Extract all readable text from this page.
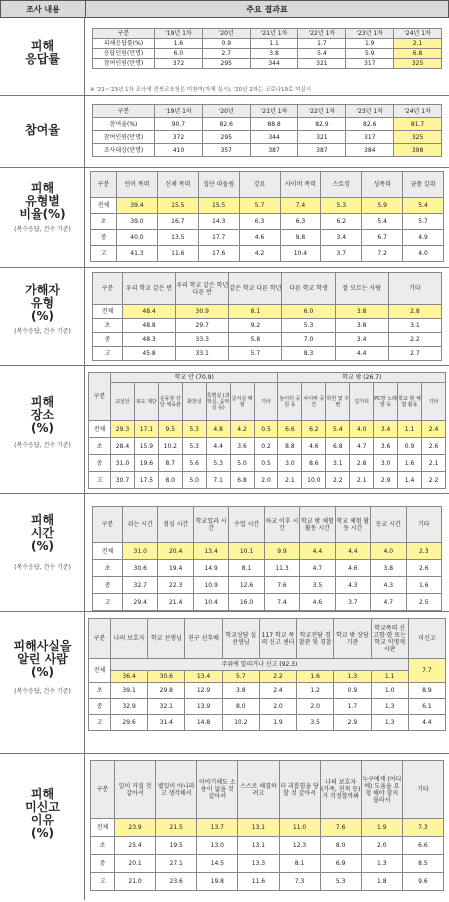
조사 내용	주요 결과표
피해
응답률
구분	'19년 1차	'20년	'21년 1차	'22년 1차	'23년 1차	'24년 1차
피해응답률(%)	1.6	0.9	1.1	1.7	1.9	2.1
응답인원(만명)	6.0	2.7	3.8	5.4	5.9	6.8
참여인원(만명)	372	295	344	321	317	325
※ '21~'23년 1차 조사에 전북교육청은 미참여(자체 실시), '20년 2차는 코로나19로 미실시
참여율
구분	'19년 1차	'20년	'21년 1차	'22년 1차	'23년 1차	'24년 1차
참여율(%)	90.7	82.6	88.8	82.9	82.6	81.7
참여인원(만명)	372	295	344	321	317	325
조사대상(만명)	410	357	387	387	384	398
피해
유형별
비율(%)
(복수응답, 건수 기준)
구분	언어 폭력	신체 폭력	집단 따돌림	강요	사이버 폭력	스토킹	성폭력	금품 갈취
전체	39.4	15.5	15.5	5.7	7.4	5.3	5.9	5.4
초	39.0	16.7	14.3	6.3	6.3	6.2	5.4	5.7
중	40.0	13.5	17.7	4.6	9.8	3.4	6.7	4.9
고	41.3	11.6	17.6	4.2	10.4	3.7	7.2	4.0
가해자
유형
(%)
(복수응답, 건수 기준)
구분	우리 학교 같은 반	우리 학교 같은 학년 다른 반	같은 학교 다른 학년	다른 학교 학생	잘 모르는 사람	기타
전체	48.4	30.9	8.1	6.0	3.8	2.8
초	48.8	29.7	9.2	5.3	3.8	3.1
중	48.3	33.3	5.8	7.0	3.4	2.2
고	45.8	33.1	5.7	8.3	4.4	2.7
피해
장소
(%)
(복수응답, 건수 기준)
구분	학교 안 (70.9)							학교 밖 (26.7)						
	교실안	복도 계단	운동장 강당 체육관	화장실	특별실 (과학실, 음악실 등)	급식실 매점	기타	놀이터 공원 등	사이버 공간	학원 및 주변	길거리	PC방 노래방 등	학교 밖 체험 활동	기타
전체	29.3	17.1	9.5	5.3	4.8	4.2	0.5	6.6	6.2	5.4	4.0	3.4	1.1	2.4
초	28.4	15.9	10.2	5.3	4.4	3.6	0.2	8.8	4.6	6.8	4.7	3.6	0.9	2.6
중	31.0	19.6	8.7	5.6	5.3	5.0	0.5	3.0	8.6	3.1	2.8	3.0	1.6	2.1
고	30.7	17.5	8.0	5.0	7.1	6.8	2.0	2.1	10.0	2.2	2.1	2.9	1.4	2.2
피해
시간
(%)
(복수응답, 건수 기준)
구분	쉬는 시간	점심 시간	학교일과 시간	수업 시간	하교 이후 시간	학교 밖 체험활동 시간	학교 체험 활동 시간	등교 시간	기타
전체	31.0	20.4	13.4	10.1	9.9	4.4	4.4	4.0	2.3
초	30.6	19.4	14.9	8.1	11.3	4.7	4.6	3.8	2.6
중	32.7	22.3	10.9	12.6	7.6	3.5	4.3	4.3	1.6
고	29.4	21.4	10.4	16.0	7.4	4.6	3.7	4.7	2.5
피해사실을
알린 사람
(%)
(복수응답, 건수 기준)
구분	나의 보호자	학교 선생님	친구 선후배	학교상담 실 선생님	117 학교 폭력 신고 센터	학교전담 경찰관 및 경찰	학교 밖 상담기관	학교폭력 신고함·함 또는 학교 익명게시판	미신고
전체	주위에 알리거나 신고 (92.3)								7.7
	36.4	30.6	13.4	5.7	2.2	1.6	1.3	1.1	
초	39.1	29.8	12.9	3.8	2.4	1.2	0.9	1.0	8.9
중	32.9	32.1	13.9	8.0	2.0	2.0	1.7	1.3	6.1
고	29.6	31.4	14.8	10.2	1.9	3.5	2.9	1.3	4.4
피해
미신고
이유
(%)
구분	일이 커질 것 같아서	별일이 아니라고 생각해서	이야기해도 소용이 없을 것 같아서	스스로 해결하려고	더 괴롭힘을 당할 것 같아서	나의 보호자 (가족, 친척 등)가 걱정할까봐	누구에게 (어디에) 도움을 요청 해야 할지 몰라서	기타
전체	23.9	21.5	13.7	13.1	11.0	7.6	1.9	7.3
초	25.4	19.5	13.0	13.1	12.3	8.0	2.0	6.6
중	20.1	27.1	14.5	13.3	8.1	6.9	1.3	8.5
고	21.0	23.6	19.8	11.6	7.3	5.3	1.8	9.6
